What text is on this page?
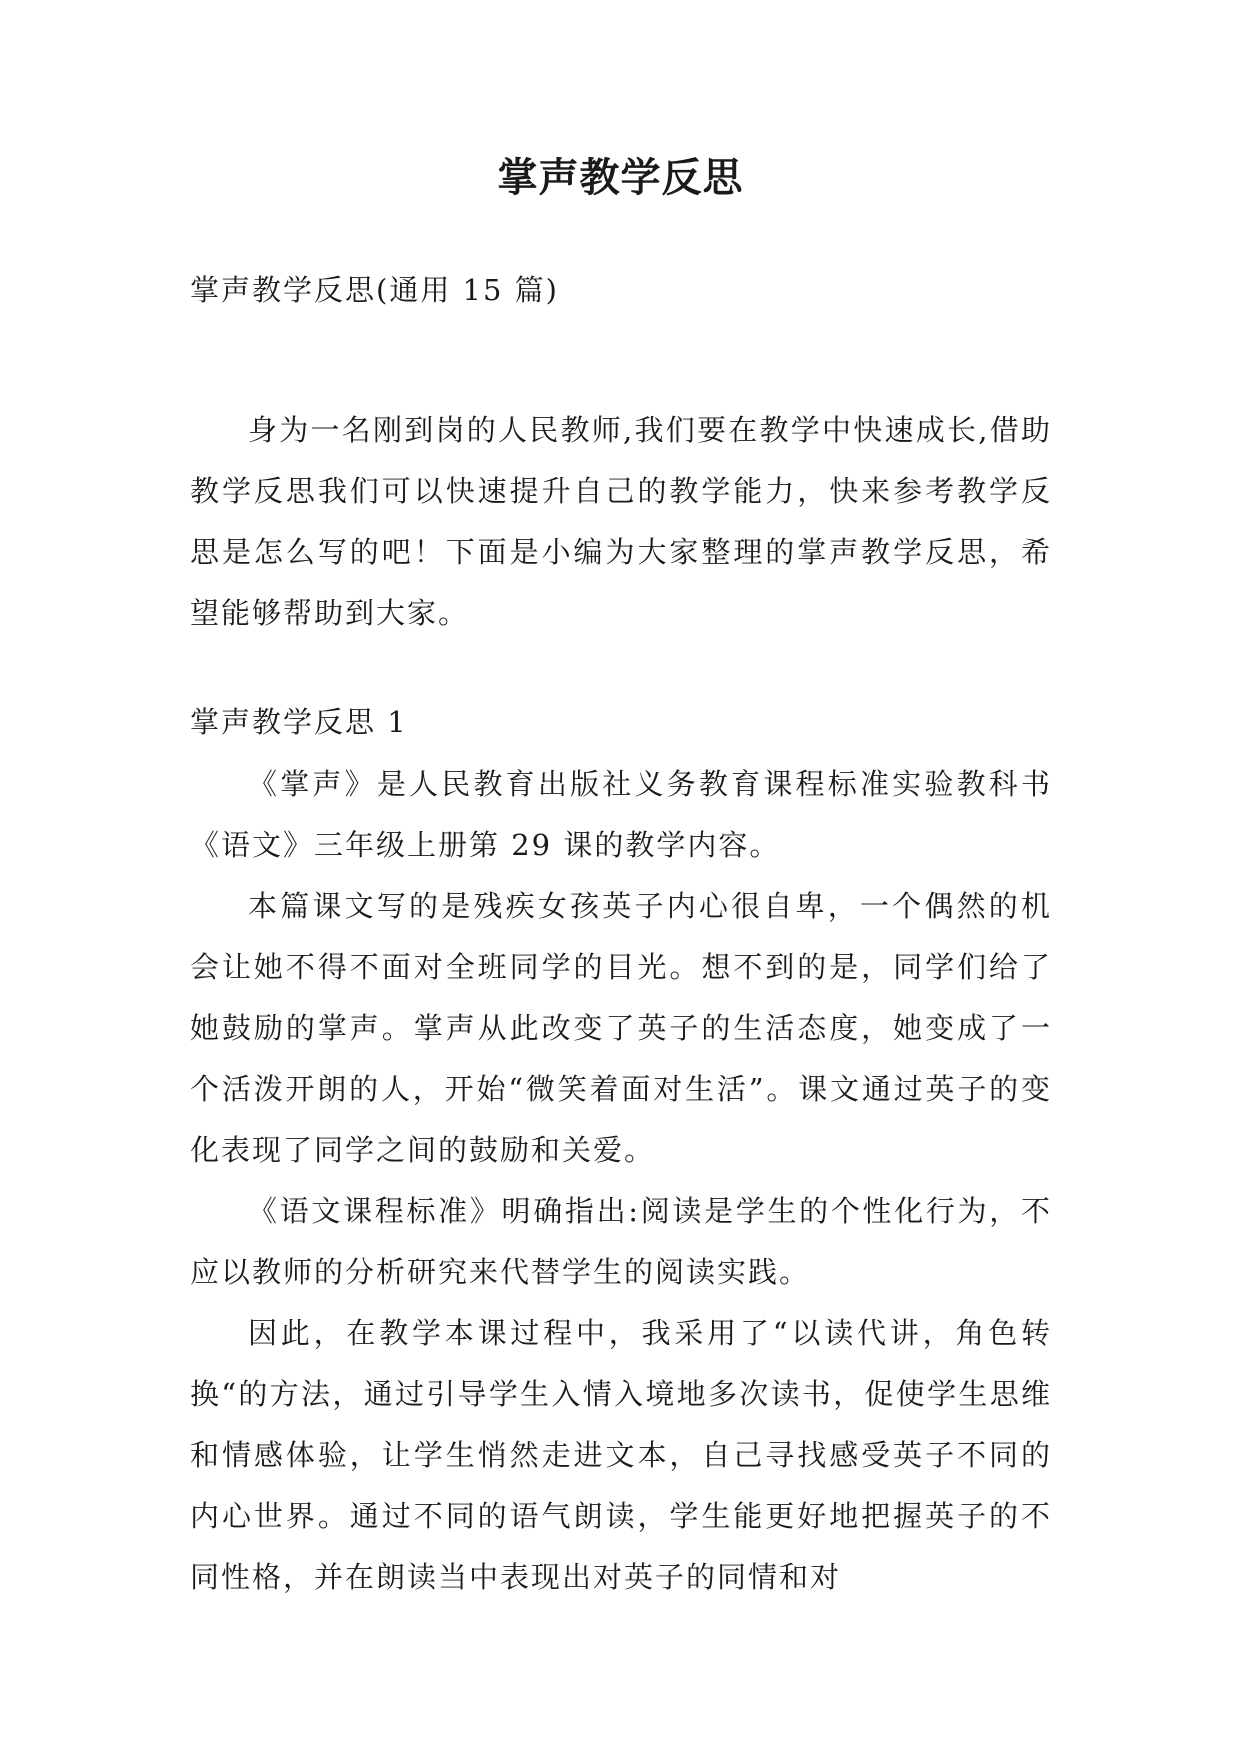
掌声教学反思

掌声教学反思(通用 15 篇)

身为一名刚到岗的人民教师,我们要在教学中快速成长,借助教学反思我们可以快速提升自己的教学能力，快来参考教学反思是怎么写的吧！下面是小编为大家整理的掌声教学反思，希望能够帮助到大家。

掌声教学反思 1

《掌声》是人民教育出版社义务教育课程标准实验教科书《语文》三年级上册第 29 课的教学内容。

本篇课文写的是残疾女孩英子内心很自卑，一个偶然的机会让她不得不面对全班同学的目光。想不到的是，同学们给了她鼓励的掌声。掌声从此改变了英子的生活态度，她变成了一个活泼开朗的人，开始“微笑着面对生活”。课文通过英子的变化表现了同学之间的鼓励和关爱。

《语文课程标准》明确指出:阅读是学生的个性化行为，不应以教师的分析研究来代替学生的阅读实践。

因此，在教学本课过程中，我采用了“以读代讲，角色转换“的方法，通过引导学生入情入境地多次读书，促使学生思维和情感体验，让学生悄然走进文本，自己寻找感受英子不同的内心世界。通过不同的语气朗读，学生能更好地把握英子的不同性格，并在朗读当中表现出对英子的同情和对
